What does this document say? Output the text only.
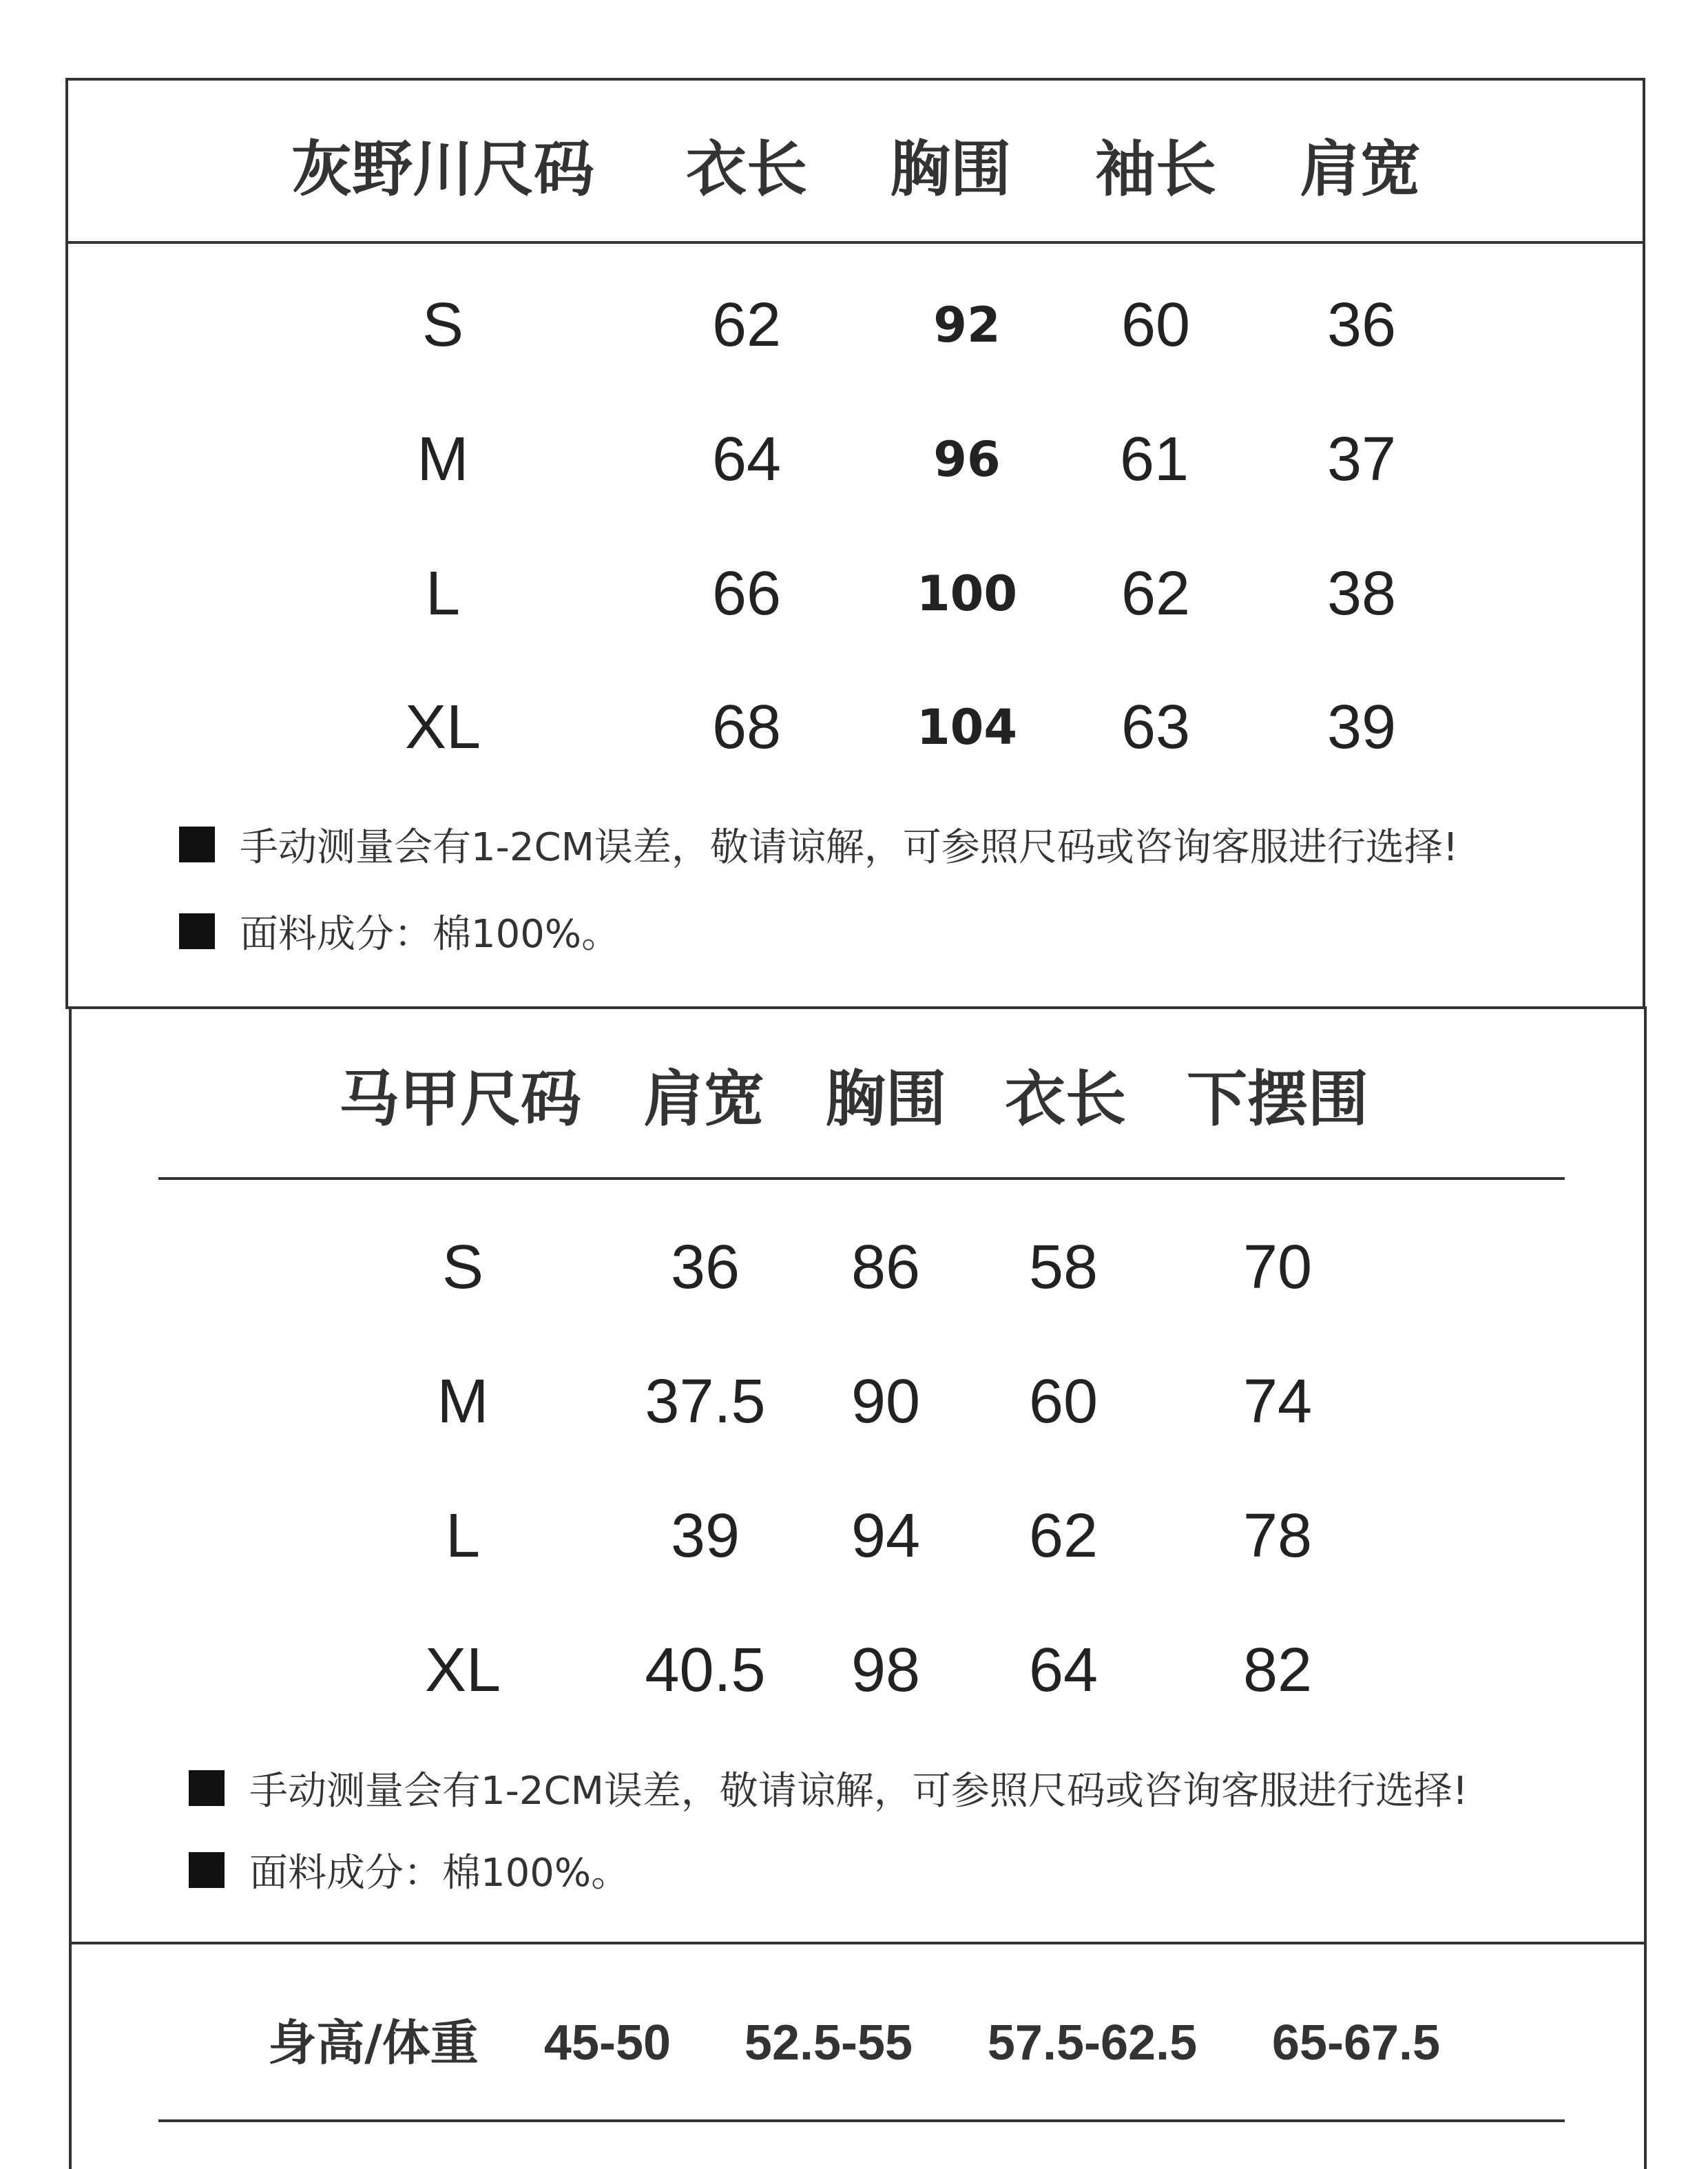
灰野川尺码 衣长 胸围 袖长 肩宽
S	62	92 60 36
M	64	96 61 37
L	66	100 62 38
XL	68	104 63 39
手动测量会有1-2CM误差，敬请谅解，可参照尺码或咨询客服进行选择!
面料成分：棉100%。
马甲尺码 肩宽 胸围 衣长 下摆围
S	36 86 58 70
M	37.5 90 60 74
L	39 94 62 78
XL 40.5 98 64 82
手动测量会有1-2CM误差，敬请谅解，可参照尺码或咨询客服进行选择!
面料成分：棉100%。
身高/体重 45-50 52.5-55 57.5-62.5 65-67.5
